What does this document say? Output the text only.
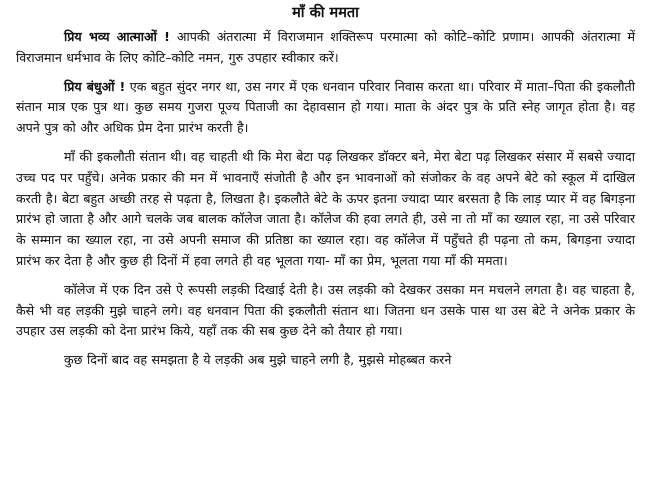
माँ की ममता

प्रिय भव्य आत्माओं ! आपकी अंतरात्मा में विराजमान शक्तिरूप परमात्मा को कोटि–कोटि प्रणाम। आपकी अंतरात्मा में विराजमान धर्मभाव के लिए कोटि–कोटि नमन, गुरु उपहार स्वीकार करें।

प्रिय बंधुओं ! एक बहुत सुंदर नगर था, उस नगर में एक धनवान परिवार निवास करता था। परिवार में माता–पिता की इकलौती संतान मात्र एक पुत्र था। कुछ समय गुजरा पूज्य पिताजी का देहावसान हो गया। माता के अंदर पुत्र के प्रति स्नेह जागृत होता है। वह अपने पुत्र को और अधिक प्रेम देना प्रारंभ करती है।

माँ की इकलौती संतान थी। वह चाहती थी कि मेरा बेटा पढ़ लिखकर डॉक्टर बने, मेरा बेटा पढ़ लिखकर संसार में सबसे ज्यादा उच्च पद पर पहुँचे। अनेक प्रकार की मन में भावनाएँ संजोती है और इन भावनाओं को संजोकर के वह अपने बेटे को स्कूल में दाखिल करती है। बेटा बहुत अच्छी तरह से पढ़ता है, लिखता है। इकलौते बेटे के ऊपर इतना ज्यादा प्यार बरसता है कि लाड़ प्यार में वह बिगड़ना प्रारंभ हो जाता है और आगे चलके जब बालक कॉलेज जाता है। कॉलेज की हवा लगते ही, उसे ना तो माँ का ख्याल रहा, ना उसे परिवार के सम्मान का ख्याल रहा, ना उसे अपनी समाज की प्रतिष्ठा का ख्याल रहा। वह कॉलेज में पहुँचते ही पढ़ना तो कम, बिगड़ना ज्यादा प्रारंभ कर देता है और कुछ ही दिनों में हवा लगते ही वह भूलता गया- माँ का प्रेम, भूलता गया माँ की ममता।

कॉलेज में एक दिन उसे ऐ रूपसी लड़की दिखाई देती है। उस लड़की को देखकर उसका मन मचलने लगता है। वह चाहता है, कैसे भी वह लड़की मुझे चाहने लगे। वह धनवान पिता की इकलौती संतान था। जितना धन उसके पास था उस बेटे ने अनेक प्रकार के उपहार उस लड़की को देना प्रारंभ किये, यहाँ तक की सब कुछ देने को तैयार हो गया।

कुछ दिनों बाद वह समझता है ये लड़की अब मुझे चाहने लगी है, मुझसे मोहब्बत करने
